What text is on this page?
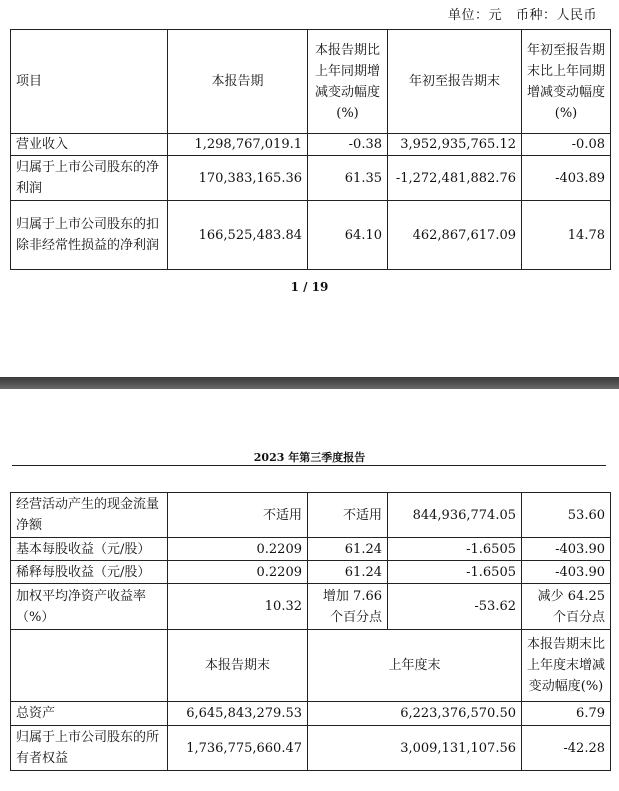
单位：元 币种：人民币
项目	本报告期	本报告期比上年同期增减变动幅度(%)	年初至报告期末	年初至报告期末比上年同期增减变动幅度(%)
营业收入	1,298,767,019.1	-0.38	3,952,935,765.12	-0.08
归属于上市公司股东的净利润	170,383,165.36	61.35	-1,272,481,882.76	-403.89
归属于上市公司股东的扣除非经常性损益的净利润	166,525,483.84	64.10	462,867,617.09	14.78
1 / 19
2023 年第三季度报告
经营活动产生的现金流量净额	不适用	不适用	844,936,774.05	53.60
基本每股收益（元/股）	0.2209	61.24	-1.6505	-403.90
稀释每股收益（元/股）	0.2209	61.24	-1.6505	-403.90
加权平均净资产收益率（%）	10.32	增加 7.66 个百分点	-53.62	减少 64.25 个百分点
	本报告期末	上年度末		本报告期末比上年度末增减变动幅度(%)
总资产	6,645,843,279.53	6,223,376,570.50		6.79
归属于上市公司股东的所有者权益	1,736,775,660.47	3,009,131,107.56		-42.28
